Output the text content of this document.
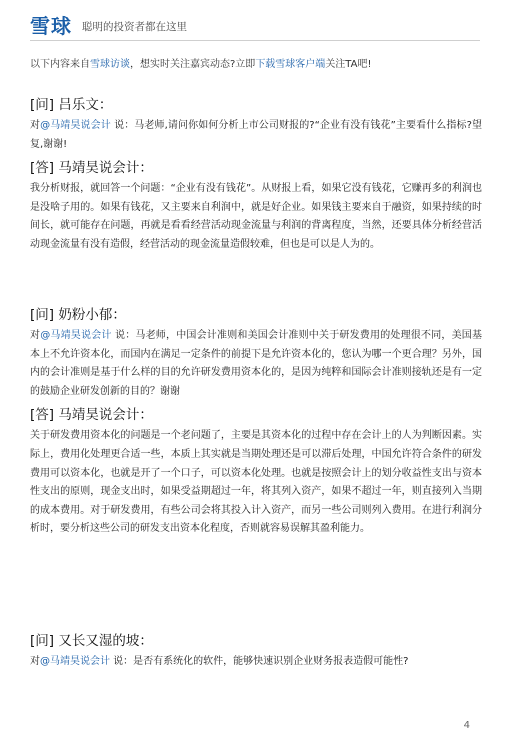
雪球 聪明的投资者都在这里
以下内容来自雪球访谈，想实时关注嘉宾动态?立即下载雪球客户端关注TA吧!
[问] 吕乐文：
对@马靖昊说会计 说：马老师,请问你如何分析上市公司财报的?“企业有没有钱花”主要看什么指标?望复,谢谢!
[答] 马靖昊说会计：
我分析财报，就回答一个问题：“企业有没有钱花”。从财报上看，如果它没有钱花，它赚再多的利润也是没啥子用的。如果有钱花，又主要来自利润中，就是好企业。如果钱主要来自于融资，如果持续的时间长，就可能存在问题，再就是看看经营活动现金流量与利润的背离程度，当然，还要具体分析经营活动现金流量有没有造假，经营活动的现金流量造假较难，但也是可以是人为的。
[问] 奶粉小郁：
对@马靖昊说会计 说：马老师，中国会计准则和美国会计准则中关于研发费用的处理很不同，美国基本上不允许资本化，而国内在满足一定条件的前提下是允许资本化的，您认为哪一个更合理？另外，国内的会计准则是基于什么样的目的允许研发费用资本化的，是因为纯粹和国际会计准则接轨还是有一定的鼓励企业研发创新的目的？谢谢
[答] 马靖昊说会计：
关于研发费用资本化的问题是一个老问题了，主要是其资本化的过程中存在会计上的人为判断因素。实际上，费用化处理更合适一些，本质上其实就是当期处理还是可以滞后处理，中国允许符合条件的研发费用可以资本化，也就是开了一个口子，可以资本化处理。也就是按照会计上的划分收益性支出与资本性支出的原则，现金支出时，如果受益期超过一年，将其列入资产，如果不超过一年，则直接列入当期的成本费用。对于研发费用，有些公司会将其投入计入资产，而另一些公司则列入费用。在进行利润分析时，要分析这些公司的研发支出资本化程度，否则就容易误解其盈利能力。
[问] 又长又湿的坡：
对@马靖昊说会计 说：是否有系统化的软件，能够快速识别企业财务报表造假可能性?
4
